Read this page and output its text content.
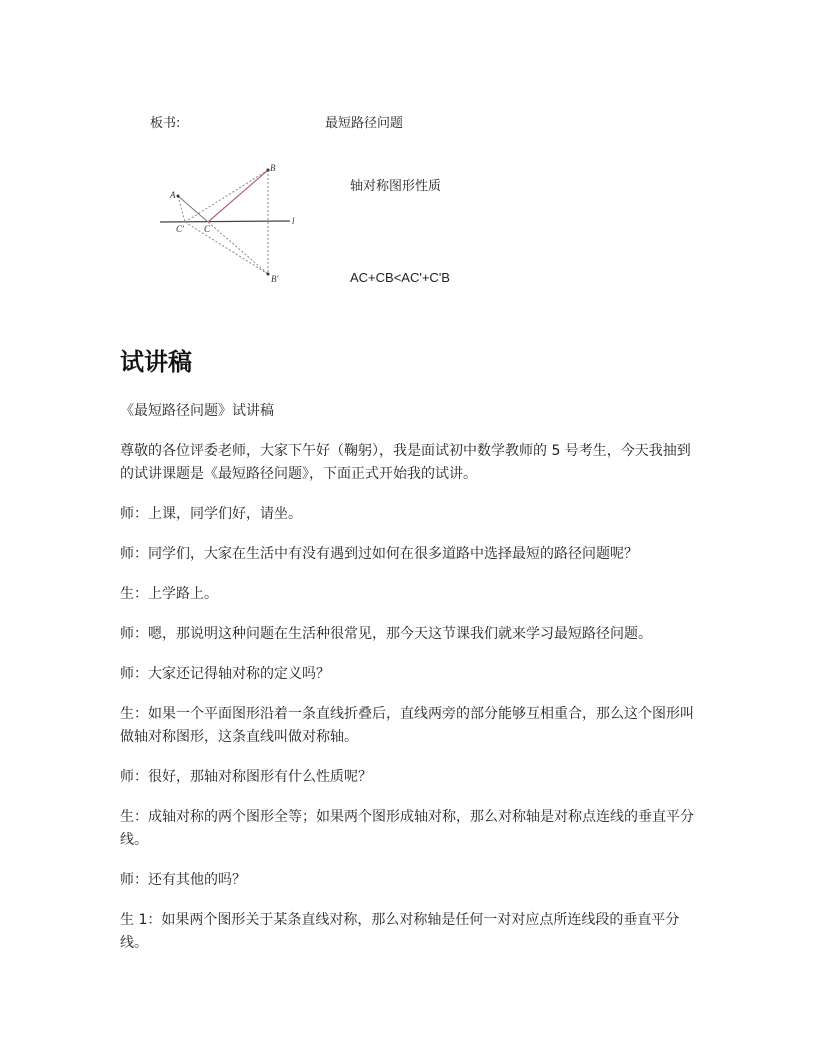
板书:	最短路径问题
A
B
C
C'
B'
l
轴对称图形性质
AC+CB<AC'+C'B
试讲稿

《最短路径问题》试讲稿

尊敬的各位评委老师，大家下午好（鞠躬），我是面试初中数学教师的 5 号考生，今天我抽到的试讲课题是《最短路径问题》，下面正式开始我的试讲。

师：上课，同学们好，请坐。

师：同学们，大家在生活中有没有遇到过如何在很多道路中选择最短的路径问题呢？

生：上学路上。

师：嗯，那说明这种问题在生活种很常见，那今天这节课我们就来学习最短路径问题。

师：大家还记得轴对称的定义吗？

生：如果一个平面图形沿着一条直线折叠后，直线两旁的部分能够互相重合，那么这个图形叫做轴对称图形，这条直线叫做对称轴。

师：很好，那轴对称图形有什么性质呢？

生：成轴对称的两个图形全等；如果两个图形成轴对称，那么对称轴是对称点连线的垂直平分线。

师：还有其他的吗？

生 1：如果两个图形关于某条直线对称，那么对称轴是任何一对对应点所连线段的垂直平分线。
